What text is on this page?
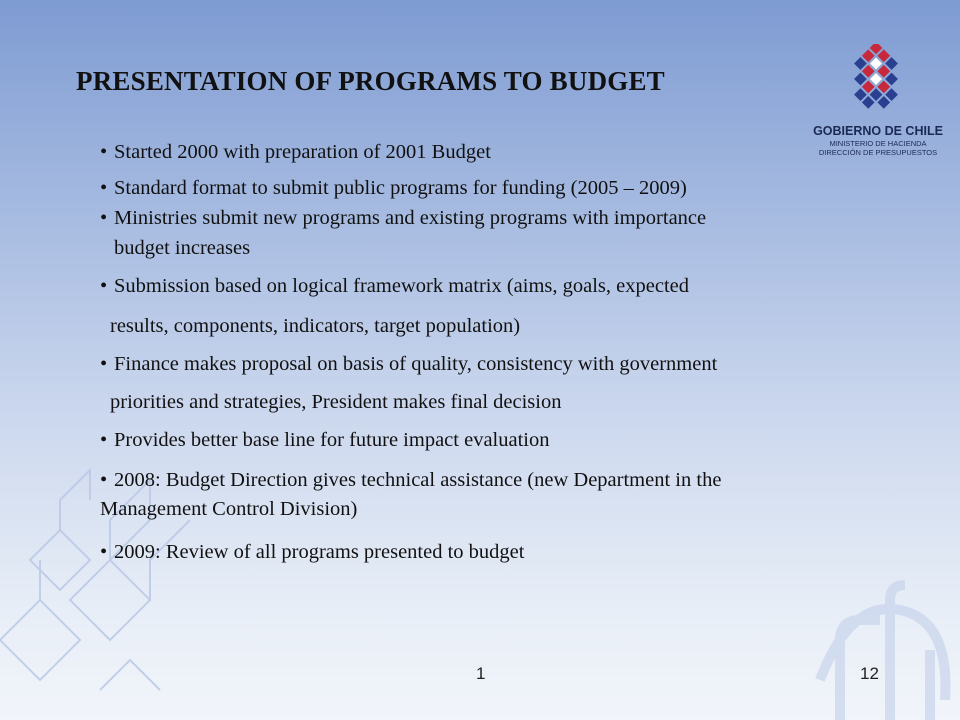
PRESENTATION OF PROGRAMS TO BUDGET
GOBIERNO DE CHILE
MINISTERIO DE HACIENDA
DIRECCIÓN DE PRESUPUESTOS
• Started 2000 with preparation of 2001 Budget
• Standard format to submit public programs for funding (2005 – 2009)
• Ministries submit new programs and existing programs with importance
budget increases
• Submission based on logical framework matrix (aims, goals, expected
results, components, indicators, target population)
• Finance makes proposal on basis of quality, consistency with government
priorities and strategies, President makes final decision
• Provides better base line for future impact evaluation
• 2008: Budget Direction gives technical assistance (new Department in the
Management Control Division)
• 2009: Review of all programs presented to budget
1	12
